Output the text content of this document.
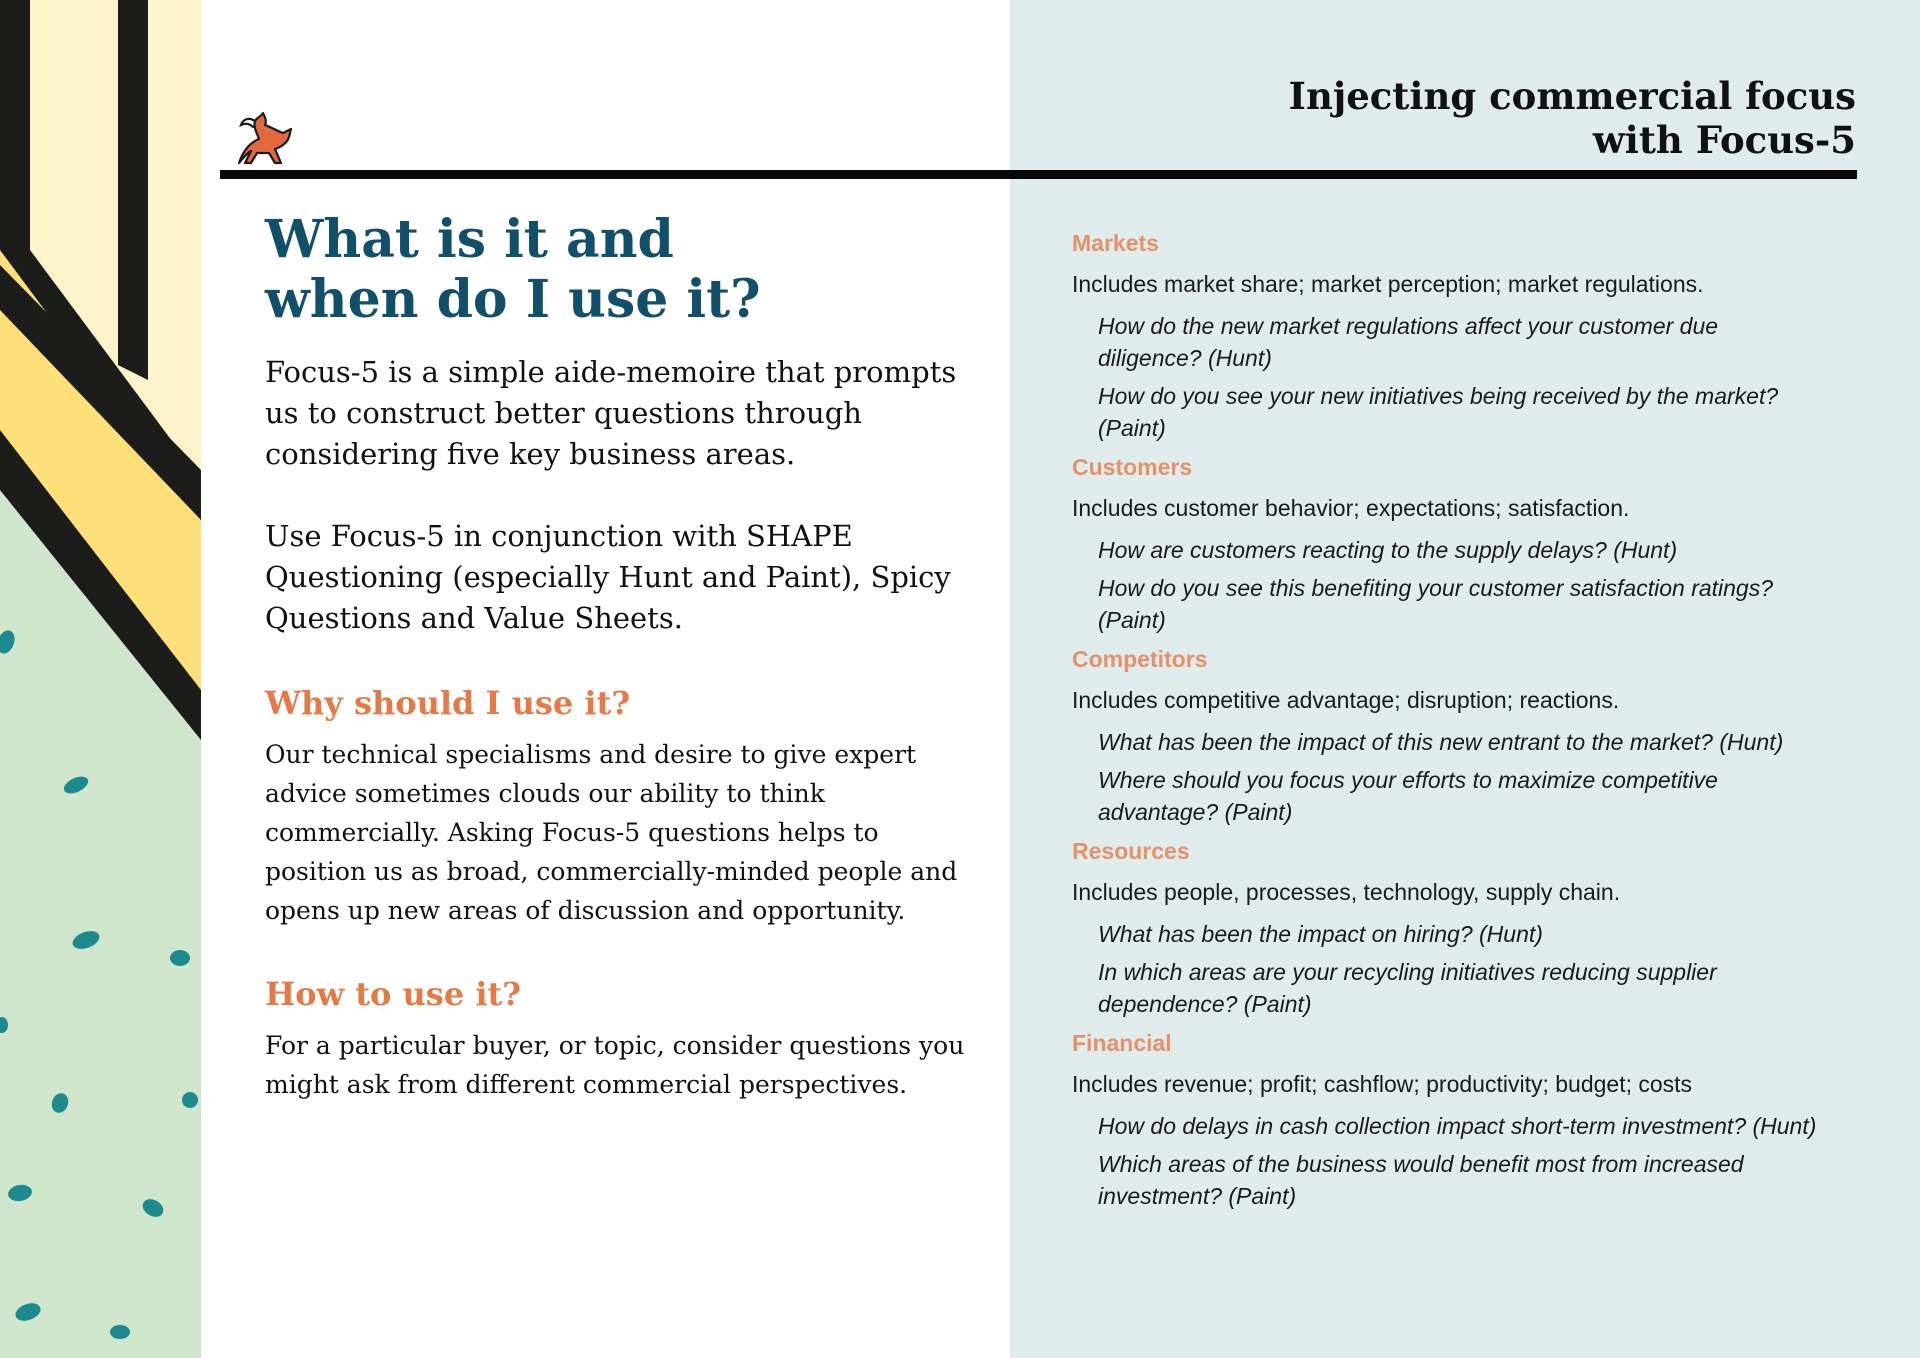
Injecting commercial focus
with Focus-5
What is it and
when do I use it?

Focus-5 is a simple aide-memoire that prompts us to construct better questions through considering five key business areas.

Use Focus-5 in conjunction with SHAPE Questioning (especially Hunt and Paint), Spicy Questions and Value Sheets.

Why should I use it?

Our technical specialisms and desire to give expert advice sometimes clouds our ability to think commercially. Asking Focus-5 questions helps to position us as broad, commercially-minded people and opens up new areas of discussion and opportunity.

How to use it?

For a particular buyer, or topic, consider questions you might ask from different commercial perspectives.

Markets
Includes market share; market perception; market regulations.
How do the new market regulations affect your customer due diligence? (Hunt)
How do you see your new initiatives being received by the market? (Paint)
Customers
Includes customer behavior; expectations; satisfaction.
How are customers reacting to the supply delays? (Hunt)
How do you see this benefiting your customer satisfaction ratings? (Paint)
Competitors
Includes competitive advantage; disruption; reactions.
What has been the impact of this new entrant to the market? (Hunt)
Where should you focus your efforts to maximize competitive advantage? (Paint)
Resources
Includes people, processes, technology, supply chain.
What has been the impact on hiring? (Hunt)
In which areas are your recycling initiatives reducing supplier dependence? (Paint)
Financial
Includes revenue; profit; cashflow; productivity; budget; costs
How do delays in cash collection impact short-term investment? (Hunt)
Which areas of the business would benefit most from increased investment? (Paint)
